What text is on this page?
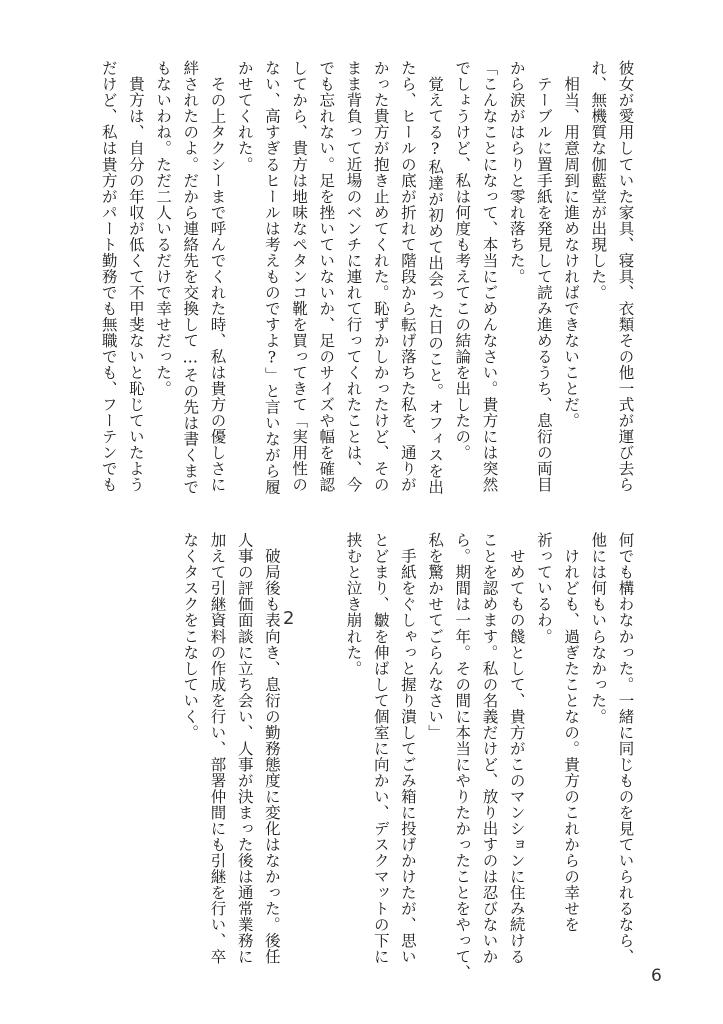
彼女が愛用していた家具、寝具、衣類その他一式が運び去ら
れ、無機質な伽藍堂が出現した。
　相当、用意周到に進めなければできないことだ。
　テーブルに置手紙を発見して読み進めるうち、息衍の両目
から涙がはらりと零れ落ちた。
「こんなことになって、本当にごめんなさい。貴方には突然
でしょうけど、私は何度も考えてこの結論を出したの。
　覚えてる?私達が初めて出会った日のこと。オフィスを出
たら、ヒールの底が折れて階段から転げ落ちた私を、通りが
かった貴方が抱き止めてくれた。恥ずかしかったけど、その
まま背負って近場のベンチに連れて行ってくれたことは、今
でも忘れない。足を挫いていないか、足のサイズや幅を確認
してから、貴方は地味なペタンコ靴を買ってきて「実用性の
ない、高すぎるヒールは考えものですよ?」と言いながら履
かせてくれた。
　その上タクシーまで呼んでくれた時、私は貴方の優しさに
絆されたのよ。だから連絡先を交換して…その先は書くまで
もないわね。ただ二人いるだけで幸せだった。
　貴方は、自分の年収が低くて不甲斐ないと恥じていたよう
だけど、私は貴方がパート勤務でも無職でも、フーテンでも
何でも構わなかった。一緒に同じものを見ていられるなら、
他には何もいらなかった。
　けれども、過ぎたことなの。貴方のこれからの幸せを
祈っているわ。
　せめてもの餞として、貴方がこのマンションに住み続ける
ことを認めます。私の名義だけど、放り出すのは忍びないか
ら。期間は一年。その間に本当にやりたかったことをやって、
私を驚かせてごらんなさい」
　手紙をぐしゃっと握り潰してごみ箱に投げかけたが、思い
とどまり、皺を伸ばして個室に向かい、デスクマットの下に
挟むと泣き崩れた。
　破局後も表向き、息衍の勤務態度に変化はなかった。後任
人事の評価面談に立ち会い、人事が決まった後は通常業務に
加えて引継資料の作成を行い、部署仲間にも引継を行い、卒
なくタスクをこなしていく。	2
6
